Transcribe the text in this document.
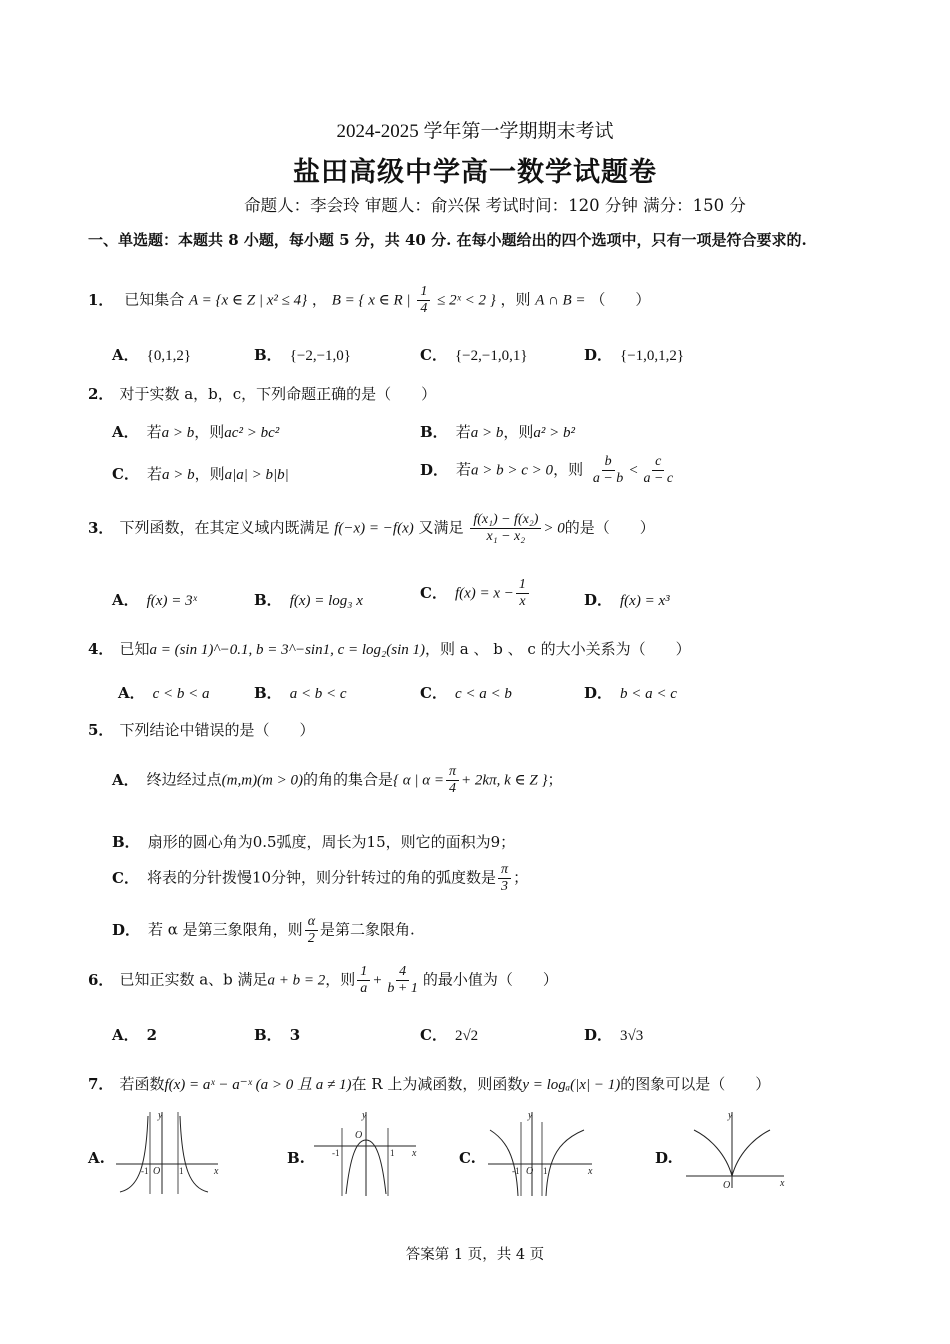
2024-2025 学年第一学期期末考试
盐田高级中学高一数学试题卷
命题人：李会玲 审题人：俞兴保 考试时间：120 分钟 满分：150 分
一、单选题：本题共 8 小题，每小题 5 分，共 40 分. 在每小题给出的四个选项中，只有一项是符合要求的.
1． 已知集合 A = {x ∈ Z | x² ≤ 4} ， B = { x ∈ R | $\frac{1}{4}$ ≤ 2ˣ < 2 } ，则 A ∩ B = （　　）
A． {0,1,2}	B． {−2,−1,0}	C． {−2,−1,0,1}	D． {−1,0,1,2}
2． 对于实数 a，b，c，下列命题正确的是（　　）
A． 若a > b，则ac² > bc²	B． 若a > b，则a² > b²
C． 若a > b，则a|a| > b|b|	D． 若a > b > c > 0，则 $\frac{b}{a - b} < \frac{c}{a - c}$
3． 下列函数，在其定义域内既满足 f(−x) = −f(x) 又满足 $\frac{\text{f(x₁) − f(x₂)}}{\text{x₁ − x₂}} > 0$的是（　　）
A． f(x) = 3ˣ	B． f(x) = log₃ x	C． $f(x) = x - \frac{1}{x}$	D． f(x) = x³
4． 已知a = (sin 1)^−0.1, b = 3^−sin1, c = log₂(sin 1)，则 a 、 b 、 c 的大小关系为（　　）
A． c < b < a	B． a < b < c	C． c < a < b	D． b < a < c
5． 下列结论中错误的是（　　）
A． 终边经过点(m,m)(m > 0)的角的集合是{ α | $\alpha = \frac{\pi}{4} + 2k\pi$, k ∈ Z }；
B． 扇形的圆心角为0.5弧度，周长为15，则它的面积为9；
C． 将表的分针拨慢10分钟，则分针转过的角的弧度数是 $\frac{\pi}{3}$ ；
D． 若 α 是第三象限角，则 $\frac{\alpha}{2}$ 是第二象限角.
6． 已知正实数 a、b 满足a + b = 2，则 $\frac{1}{a} + \frac{4}{b + 1}$ 的最小值为（　　）
A． 2	B． 3	C． 2√2	D． 3√3
7． 若函数f(x) = aˣ − a⁻ˣ (a > 0 且 a ≠ 1)在 R 上为减函数，则函数y = logₐ(|x| − 1)的图象可以是（　　）
A.	B.	C.	D.
y
x
O
-1	1
y
x
O
-1	1
y
x
O
-1	1
y
x
O
答案第 1 页，共 4 页
